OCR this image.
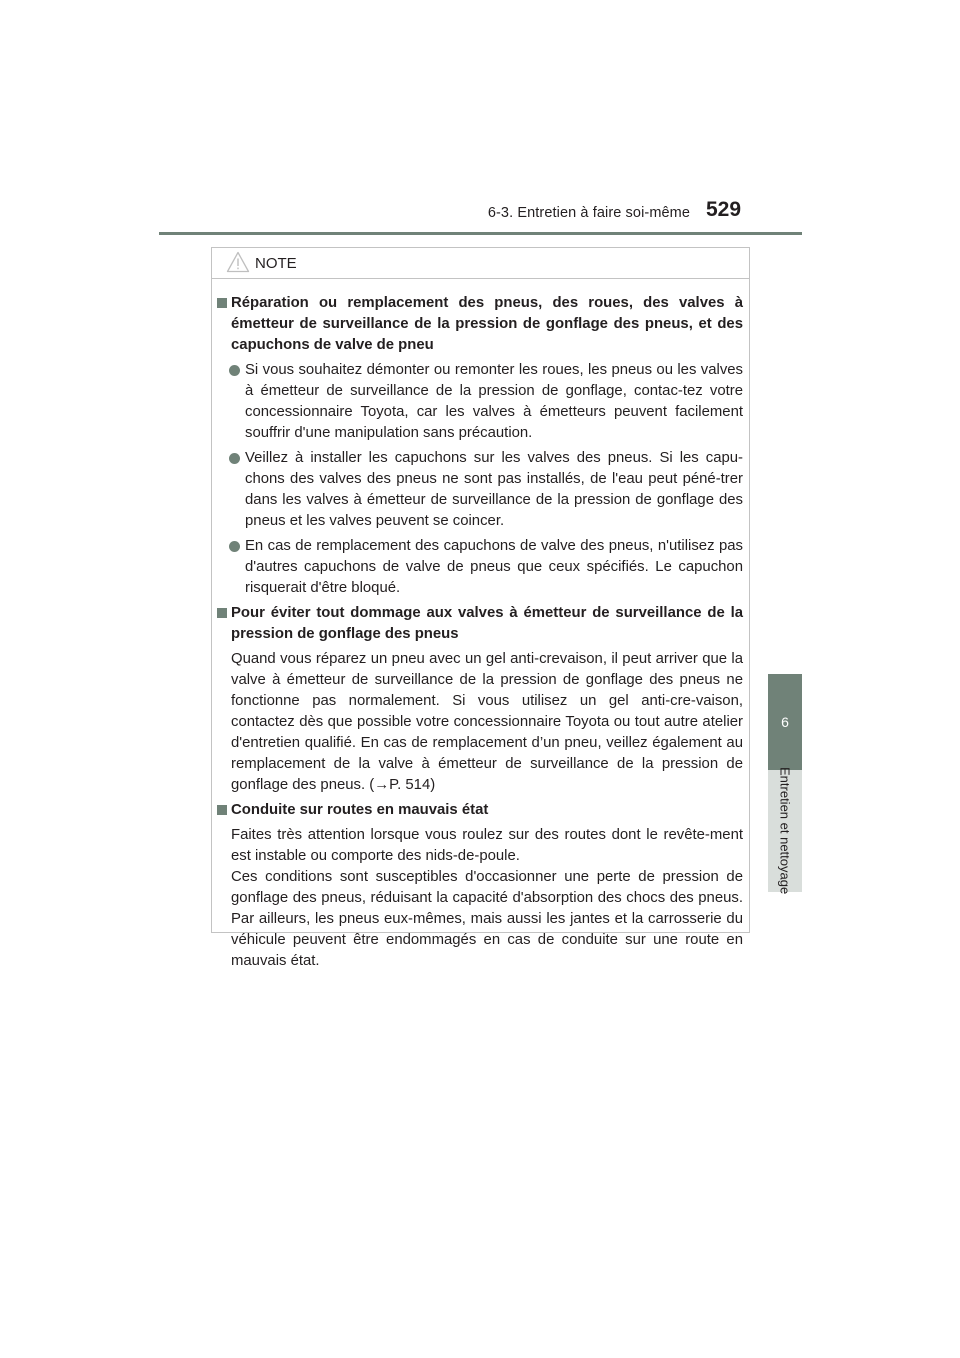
6-3. Entretien à faire soi-même 529
6
Entretien et nettoyage
NOTE
Réparation ou remplacement des pneus, des roues, des valves à émetteur de surveillance de la pression de gonflage des pneus, et des capuchons de valve de pneu
Si vous souhaitez démonter ou remonter les roues, les pneus ou les valves à émetteur de surveillance de la pression de gonflage, contac-tez votre concessionnaire Toyota, car les valves à émetteurs peuvent facilement souffrir d'une manipulation sans précaution.
Veillez à installer les capuchons sur les valves des pneus. Si les capu-chons des valves des pneus ne sont pas installés, de l'eau peut péné-trer dans les valves à émetteur de surveillance de la pression de gonflage des pneus et les valves peuvent se coincer.
En cas de remplacement des capuchons de valve des pneus, n'utilisez pas d'autres capuchons de valve de pneus que ceux spécifiés. Le capuchon risquerait d'être bloqué.
Pour éviter tout dommage aux valves à émetteur de surveillance de la pression de gonflage des pneus
Quand vous réparez un pneu avec un gel anti-crevaison, il peut arriver que la valve à émetteur de surveillance de la pression de gonflage des pneus ne fonctionne pas normalement. Si vous utilisez un gel anti-cre-vaison, contactez dès que possible votre concessionnaire Toyota ou tout autre atelier d'entretien qualifié. En cas de remplacement d’un pneu, veillez également au remplacement de la valve à émetteur de surveillance de la pression de gonflage des pneus. (→P. 514)
Conduite sur routes en mauvais état
Faites très attention lorsque vous roulez sur des routes dont le revête-ment est instable ou comporte des nids-de-poule.
Ces conditions sont susceptibles d'occasionner une perte de pression de gonflage des pneus, réduisant la capacité d'absorption des chocs des pneus. Par ailleurs, les pneus eux-mêmes, mais aussi les jantes et la carrosserie du véhicule peuvent être endommagés en cas de conduite sur une route en mauvais état.
